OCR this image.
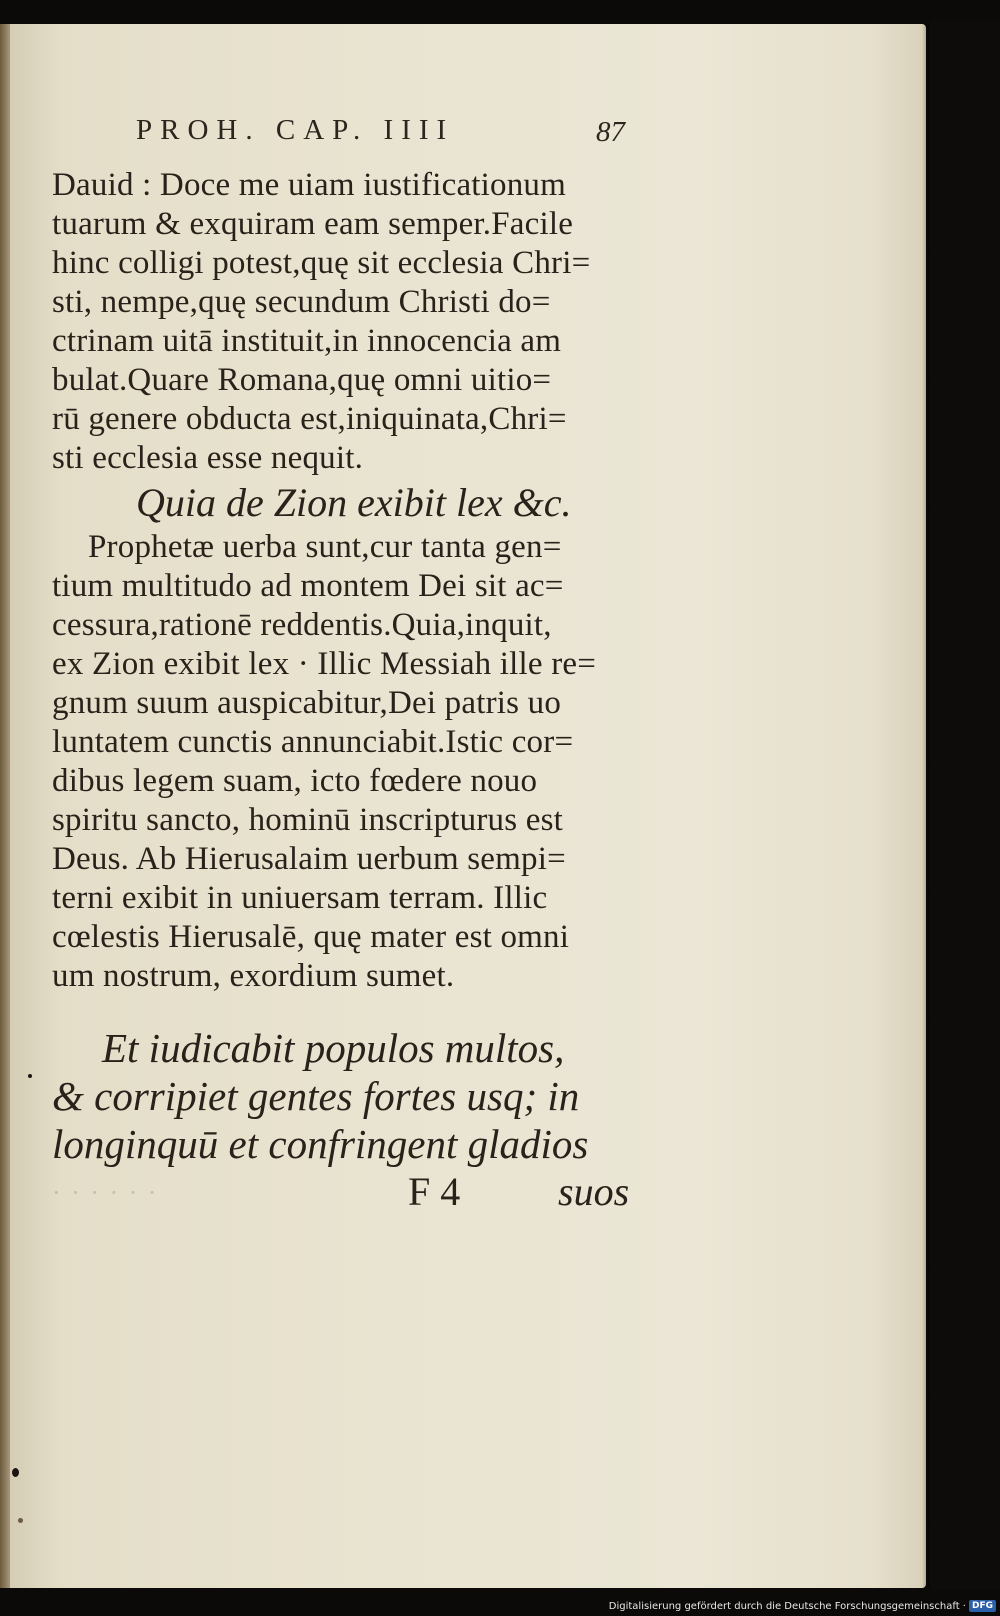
PROH. CAP. IIII	87
Dauid : Doce me uiam iustificationum
tuarum & exquiram eam semper.Facile
hinc colligi potest,quę sit ecclesia Chri=
sti, nempe,quę secundum Christi do=
ctrinam uitā instituit,in innocencia am
bulat.Quare Romana,quę omni uitio=
rū genere obducta est,iniquinata,Chri=
sti ecclesia esse nequit.
Quia de Zion exibit lex &c.
Prophetæ uerba sunt,cur tanta gen=
tium multitudo ad montem Dei sit ac=
cessura,rationē reddentis.Quia,inquit,
ex Zion exibit lex · Illic Messiah ille re=
gnum suum auspicabitur,Dei patris uo
luntatem cunctis annunciabit.Istic cor=
dibus legem suam, icto fœdere nouo
spiritu sancto, hominū inscripturus est
Deus. Ab Hierusalaim uerbum sempi=
terni exibit in uniuersam terram. Illic
cœlestis Hierusalē, quę mater est omni
um nostrum, exordium sumet.
Et iudicabit populos multos,
& corripiet gentes fortes usq; in
longinquū et confringent gladios
· · · · · ·	F 4 suos
Digitalisierung gefördert durch die Deutsche Forschungsgemeinschaft · DFG
